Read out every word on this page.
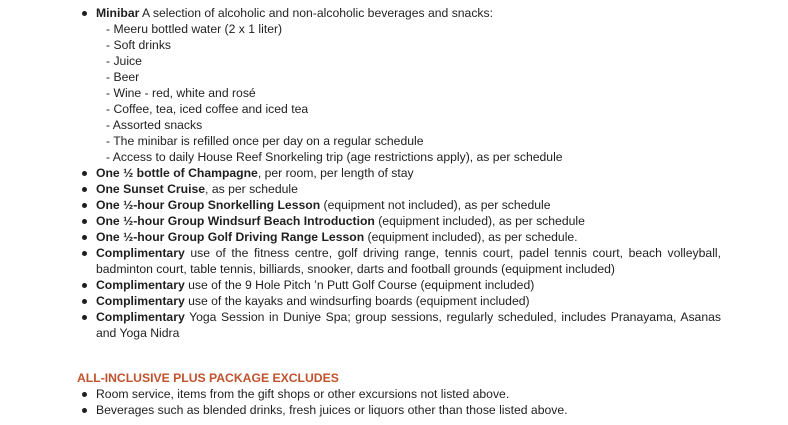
Minibar A selection of alcoholic and non-alcoholic beverages and snacks:
- Meeru bottled water (2 x 1 liter)
- Soft drinks
- Juice
- Beer
- Wine - red, white and rosé
- Coffee, tea, iced coffee and iced tea
- Assorted snacks
- The minibar is refilled once per day on a regular schedule
- Access to daily House Reef Snorkeling trip (age restrictions apply), as per schedule
One ½ bottle of Champagne, per room, per length of stay
One Sunset Cruise, as per schedule
One ½-hour Group Snorkelling Lesson (equipment not included), as per schedule
One ½-hour Group Windsurf Beach Introduction (equipment included), as per schedule
One ½-hour Group Golf Driving Range Lesson (equipment included), as per schedule.
Complimentary use of the fitness centre, golf driving range, tennis court, padel tennis court, beach volleyball, badminton court, table tennis, billiards, snooker, darts and football grounds (equipment included)
Complimentary use of the 9 Hole Pitch ’n Putt Golf Course (equipment included)
Complimentary use of the kayaks and windsurfing boards (equipment included)
Complimentary Yoga Session in Duniye Spa; group sessions, regularly scheduled, includes Pranayama, Asanas and Yoga Nidra
ALL-INCLUSIVE PLUS PACKAGE EXCLUDES
Room service, items from the gift shops or other excursions not listed above.
Beverages such as blended drinks, fresh juices or liquors other than those listed above.
